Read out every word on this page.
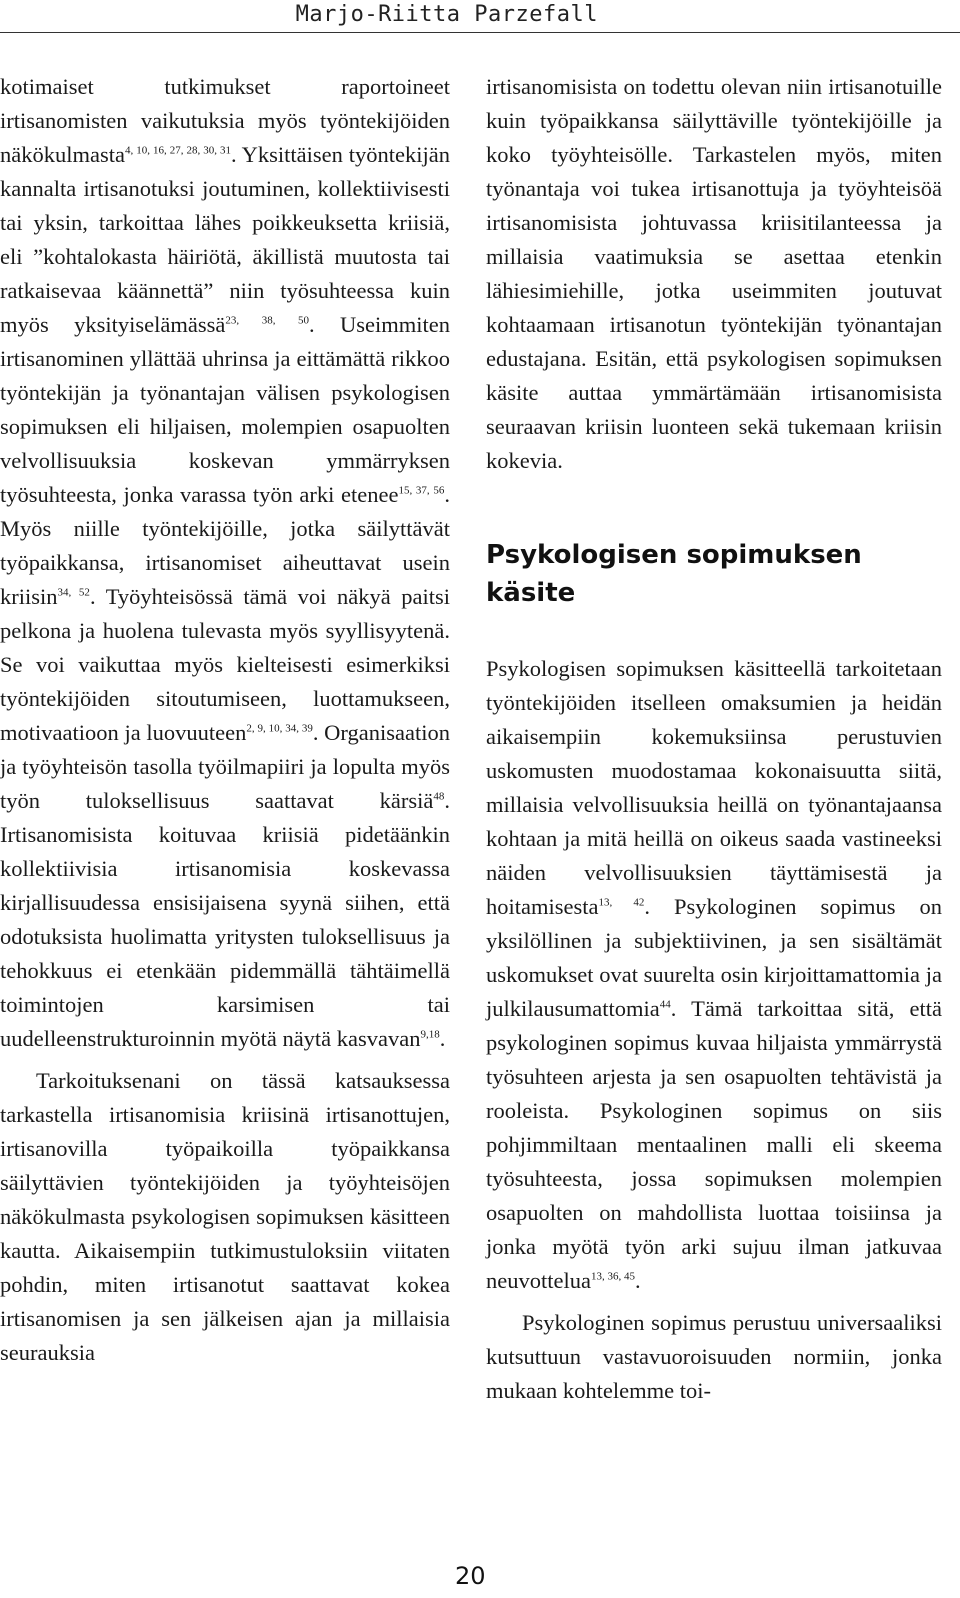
Marjo-Riitta Parzefall

kotimaiset tutkimukset raportoineet irtisanomisten vaikutuksia myös työntekijöiden näkökulmasta$^{4, 10, 16, 27, 28, 30, 31}$. Yksittäisen työntekijän kannalta irtisanotuksi joutuminen, kollektiivisesti tai yksin, tarkoittaa lähes poikkeuksetta kriisiä, eli ”kohtalokasta häiriötä, äkillistä muutosta tai ratkaisevaa käännettä” niin työsuhteessa kuin myös yksityiselämässä$^{23, 38, 50}$. Useimmiten irtisanominen yllättää uhrinsa ja eittämättä rikkoo työntekijän ja työnantajan välisen psykologisen sopimuksen eli hiljaisen, molempien osapuolten velvollisuuksia koskevan ymmärryksen työsuhteesta, jonka varassa työn arki etenee$^{15, 37, 56}$. Myös niille työntekijöille, jotka säilyttävät työpaikkansa, irtisanomiset aiheuttavat usein kriisin$^{34, 52}$. Työyhteisössä tämä voi näkyä paitsi pelkona ja huolena tulevasta myös syyllisyytenä. Se voi vaikuttaa myös kielteisesti esimerkiksi työntekijöiden sitoutumiseen, luottamukseen, motivaatioon ja luovuuteen$^{2, 9, 10, 34, 39}$. Organisaation ja työyhteisön tasolla työilmapiiri ja lopulta myös työn tuloksellisuus saattavat kärsiä$^{48}$. Irtisanomisista koituvaa kriisiä pidetäänkin kollektiivisia irtisanomisia koskevassa kirjallisuudessa ensisijaisena syynä siihen, että odotuksista huolimatta yritysten tuloksellisuus ja tehokkuus ei etenkään pidemmällä tähtäimellä toimintojen karsimisen tai uudelleenstrukturoinnin myötä näytä kasvavan$^{9,18}$.

Tarkoituksenani on tässä katsauksessa tarkastella irtisanomisia kriisinä irtisanottujen, irtisanovilla työpaikoilla työpaikkansa säilyttävien työntekijöiden ja työyhteisöjen näkökulmasta psykologisen sopimuksen käsitteen kautta. Aikaisempiin tutkimustuloksiin viitaten pohdin, miten irtisanotut saattavat kokea irtisanomisen ja sen jälkeisen ajan ja millaisia seurauksia

irtisanomisista on todettu olevan niin irtisanotuille kuin työpaikkansa säilyttäville työntekijöille ja koko työyhteisölle. Tarkastelen myös, miten työnantaja voi tukea irtisanottuja ja työyhteisöä irtisanomisista johtuvassa kriisitilanteessa ja millaisia vaatimuksia se asettaa etenkin lähiesimiehille, jotka useimmiten joutuvat kohtaamaan irtisanotun työntekijän työnantajan edustajana. Esitän, että psykologisen sopimuksen käsite auttaa ymmärtämään irtisanomisista seuraavan kriisin luonteen sekä tukemaan kriisin kokevia.

Psykologisen sopimuksen käsite

Psykologisen sopimuksen käsitteellä tarkoitetaan työntekijöiden itselleen omaksumien ja heidän aikaisempiin kokemuksiinsa perustuvien uskomusten muodostamaa kokonaisuutta siitä, millaisia velvollisuuksia heillä on työnantajaansa kohtaan ja mitä heillä on oikeus saada vastineeksi näiden velvollisuuksien täyttämisestä ja hoitamisesta$^{13, 42}$. Psykologinen sopimus on yksilöllinen ja subjektiivinen, ja sen sisältämät uskomukset ovat suurelta osin kirjoittamattomia ja julkilausumattomia$^{44}$. Tämä tarkoittaa sitä, että psykologinen sopimus kuvaa hiljaista ymmärrystä työsuhteen arjesta ja sen osapuolten tehtävistä ja rooleista. Psykologinen sopimus on siis pohjimmiltaan mentaalinen malli eli skeema työsuhteesta, jossa sopimuksen molempien osapuolten on mahdollista luottaa toisiinsa ja jonka myötä työn arki sujuu ilman jatkuvaa neuvottelua$^{13, 36, 45}$.

Psykologinen sopimus perustuu universaaliksi kutsuttuun vastavuoroisuuden normiin, jonka mukaan kohtelemme toi-

20
